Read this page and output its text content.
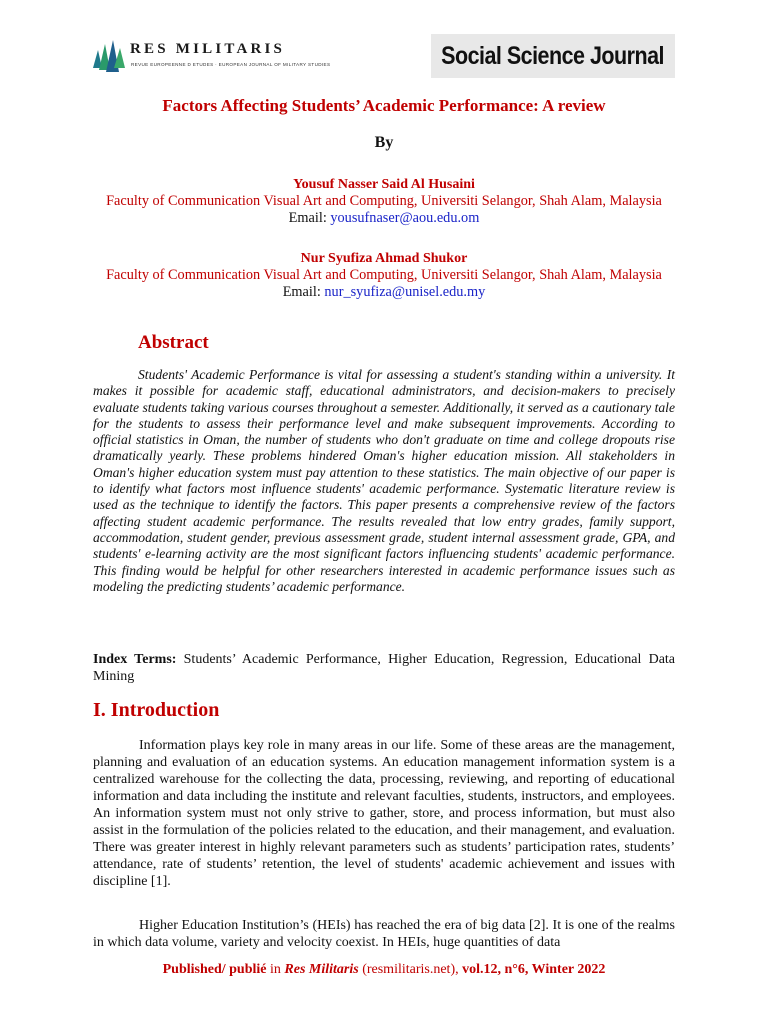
RES MILITARIS
REVUE EUROPEENNE D ETUDES · EUROPEAN JOURNAL OF MILITARY STUDIES	Social Science Journal
Factors Affecting Students’ Academic Performance: A review
By
Yousuf Nasser Said Al Husaini
Faculty of Communication Visual Art and Computing, Universiti Selangor, Shah Alam, Malaysia
Email: yousufnaser@aou.edu.om
Nur Syufiza Ahmad Shukor
Faculty of Communication Visual Art and Computing, Universiti Selangor, Shah Alam, Malaysia
Email: nur_syufiza@unisel.edu.my
Abstract
Students' Academic Performance is vital for assessing a student's standing within a university. It makes it possible for academic staff, educational administrators, and decision-makers to precisely evaluate students taking various courses throughout a semester. Additionally, it served as a cautionary tale for the students to assess their performance level and make subsequent improvements. According to official statistics in Oman, the number of students who don't graduate on time and college dropouts rise dramatically yearly. These problems hindered Oman's higher education mission. All stakeholders in Oman's higher education system must pay attention to these statistics. The main objective of our paper is to identify what factors most influence students' academic performance. Systematic literature review is used as the technique to identify the factors. This paper presents a comprehensive review of the factors affecting student academic performance. The results revealed that low entry grades, family support, accommodation, student gender, previous assessment grade, student internal assessment grade, GPA, and students' e-learning activity are the most significant factors influencing students' academic performance. This finding would be helpful for other researchers interested in academic performance issues such as modeling the predicting students’ academic performance.
Index Terms: Students’ Academic Performance, Higher Education, Regression, Educational Data Mining
I. Introduction
Information plays key role in many areas in our life. Some of these areas are the management, planning and evaluation of an education systems. An education management information system is a centralized warehouse for the collecting the data, processing, reviewing, and reporting of educational information and data including the institute and relevant faculties, students, instructors, and employees. An information system must not only strive to gather, store, and process information, but must also assist in the formulation of the policies related to the education, and their management, and evaluation. There was greater interest in highly relevant parameters such as students’ participation rates, students’ attendance, rate of students’ retention, the level of students' academic achievement and issues with discipline [1].
Higher Education Institution’s (HEIs) has reached the era of big data [2]. It is one of the realms in which data volume, variety and velocity coexist. In HEIs, huge quantities of data
Published/ publié in Res Militaris (resmilitaris.net), vol.12, n°6, Winter 2022
